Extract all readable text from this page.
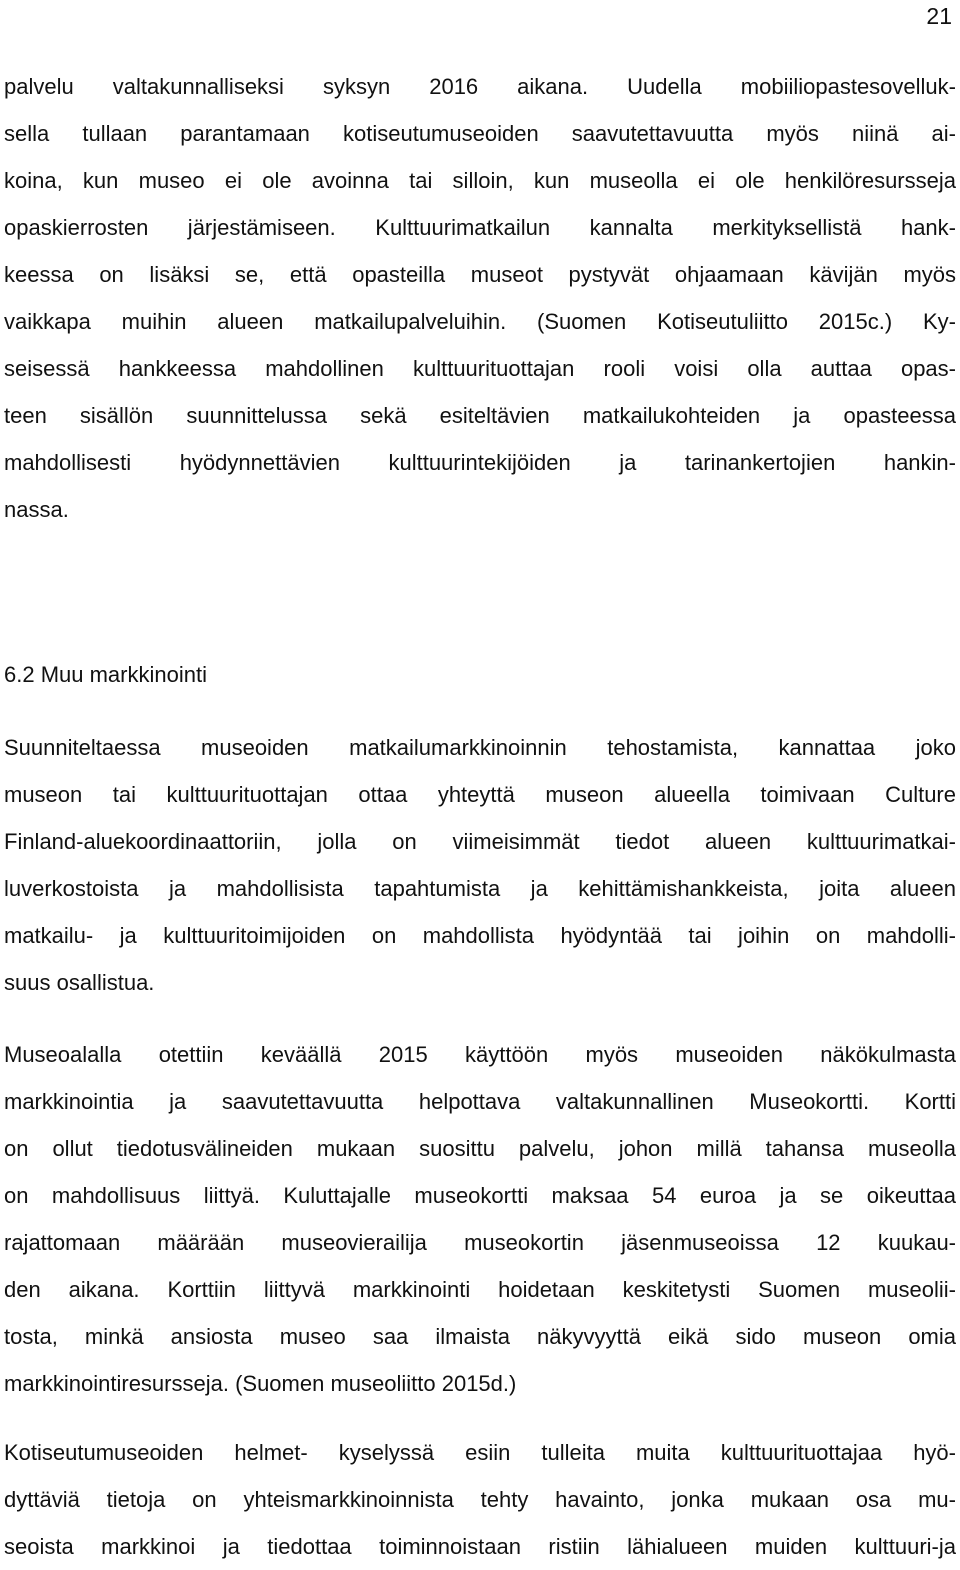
21
palvelu valtakunnalliseksi syksyn 2016 aikana. Uudella mobiiliopastesovelluk-
sella tullaan parantamaan kotiseutumuseoiden saavutettavuutta myös niinä ai-
koina, kun museo ei ole avoinna tai silloin, kun museolla ei ole henkilöresursseja
opaskierrosten järjestämiseen. Kulttuurimatkailun kannalta merkityksellistä hank-
keessa on lisäksi se, että opasteilla museot pystyvät ohjaamaan kävijän myös
vaikkapa muihin alueen matkailupalveluihin. (Suomen Kotiseutuliitto 2015c.) Ky-
seisessä hankkeessa mahdollinen kulttuurituottajan rooli voisi olla auttaa opas-
teen sisällön suunnittelussa sekä esiteltävien matkailukohteiden ja opasteessa
mahdollisesti hyödynnettävien kulttuurintekijöiden ja tarinankertojien hankin-
nassa.
6.2 Muu markkinointi
Suunniteltaessa museoiden matkailumarkkinoinnin tehostamista, kannattaa joko
museon tai kulttuurituottajan ottaa yhteyttä museon alueella toimivaan Culture
Finland-aluekoordinaattoriin, jolla on viimeisimmät tiedot alueen kulttuurimatkai-
luverkostoista ja mahdollisista tapahtumista ja kehittämishankkeista, joita alueen
matkailu- ja kulttuuritoimijoiden on mahdollista hyödyntää tai joihin on mahdolli-
suus osallistua.
Museoalalla otettiin keväällä 2015 käyttöön myös museoiden näkökulmasta
markkinointia ja saavutettavuutta helpottava valtakunnallinen Museokortti. Kortti
on ollut tiedotusvälineiden mukaan suosittu palvelu, johon millä tahansa museolla
on mahdollisuus liittyä. Kuluttajalle museokortti maksaa 54 euroa ja se oikeuttaa
rajattomaan määrään museovierailija museokortin jäsenmuseoissa 12 kuukau-
den aikana. Korttiin liittyvä markkinointi hoidetaan keskitetysti Suomen museolii-
tosta, minkä ansiosta museo saa ilmaista näkyvyyttä eikä sido museon omia
markkinointiresursseja. (Suomen museoliitto 2015d.)
Kotiseutumuseoiden helmet- kyselyssä esiin tulleita muita kulttuurituottajaa hyö-
dyttäviä tietoja on yhteismarkkinoinnista tehty havainto, jonka mukaan osa mu-
seoista markkinoi ja tiedottaa toiminnoistaan ristiin lähialueen muiden kulttuuri-ja
